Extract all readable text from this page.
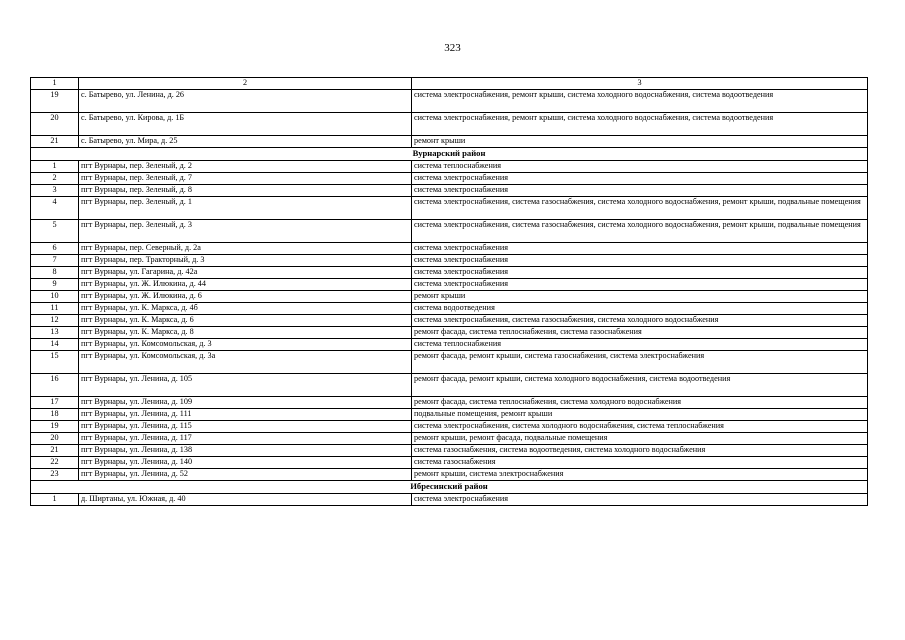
323
1	2	3
19	с. Батырево, ул. Ленина, д. 26	система электроснабжения, ремонт крыши, система холодного водоснабжения, система водоотведения
20	с. Батырево, ул. Кирова, д. 1Б	система электроснабжения, ремонт крыши, система холодного водоснабжения, система водоотведения
21	с. Батырево, ул. Мира, д. 25	ремонт крыши
Вурнарский район		
1	пгт Вурнары, пер. Зеленый, д. 2	система теплоснабжения
2	пгт Вурнары, пер. Зеленый, д. 7	система электроснабжения
3	пгт Вурнары, пер. Зеленый, д. 8	система электроснабжения
4	пгт Вурнары, пер. Зеленый, д. 1	система электроснабжения, система газоснабжения, система холодного водоснабжения, ремонт крыши, подвальные помещения
5	пгт Вурнары, пер. Зеленый, д. 3	система электроснабжения, система газоснабжения, система холодного водоснабжения, ремонт крыши, подвальные помещения
6	пгт Вурнары, пер. Северный, д. 2а	система электроснабжения
7	пгт Вурнары, пер. Тракторный, д. 3	система электроснабжения
8	пгт Вурнары, ул. Гагарина, д. 42а	система электроснабжения
9	пгт Вурнары, ул. Ж. Илюкина, д. 44	система электроснабжения
10	пгт Вурнары, ул. Ж. Илюкина, д. 6	ремонт крыши
11	пгт Вурнары, ул. К. Маркса, д. 4б	система водоотведения
12	пгт Вурнары, ул. К. Маркса, д. 6	система электроснабжения, система газоснабжения, система холодного водоснабжения
13	пгт Вурнары, ул. К. Маркса, д. 8	ремонт фасада, система теплоснабжения, система газоснабжения
14	пгт Вурнары, ул. Комсомольская, д. 3	система теплоснабжения
15	пгт Вурнары, ул. Комсомольская, д. 3а	ремонт фасада, ремонт крыши, система газоснабжения, система электроснабжения
16	пгт Вурнары, ул. Ленина, д. 105	ремонт фасада, ремонт крыши, система холодного водоснабжения, система водоотведения
17	пгт Вурнары, ул. Ленина, д. 109	ремонт фасада, система теплоснабжения, система холодного водоснабжения
18	пгт Вурнары, ул. Ленина, д. 111	подвальные помещения, ремонт крыши
19	пгт Вурнары, ул. Ленина, д. 115	система электроснабжения, система холодного водоснабжения, система теплоснабжения
20	пгт Вурнары, ул. Ленина, д. 117	ремонт крыши, ремонт фасада, подвальные помещения
21	пгт Вурнары, ул. Ленина, д. 138	система газоснабжения, система водоотведения, система холодного водоснабжения
22	пгт Вурнары, ул. Ленина, д. 140	система газоснабжения
23	пгт Вурнары, ул. Ленина, д. 52	ремонт крыши, система электроснабжения
Ибресинский район		
1	д. Ширтаны, ул. Южная, д. 40	система электроснабжения
